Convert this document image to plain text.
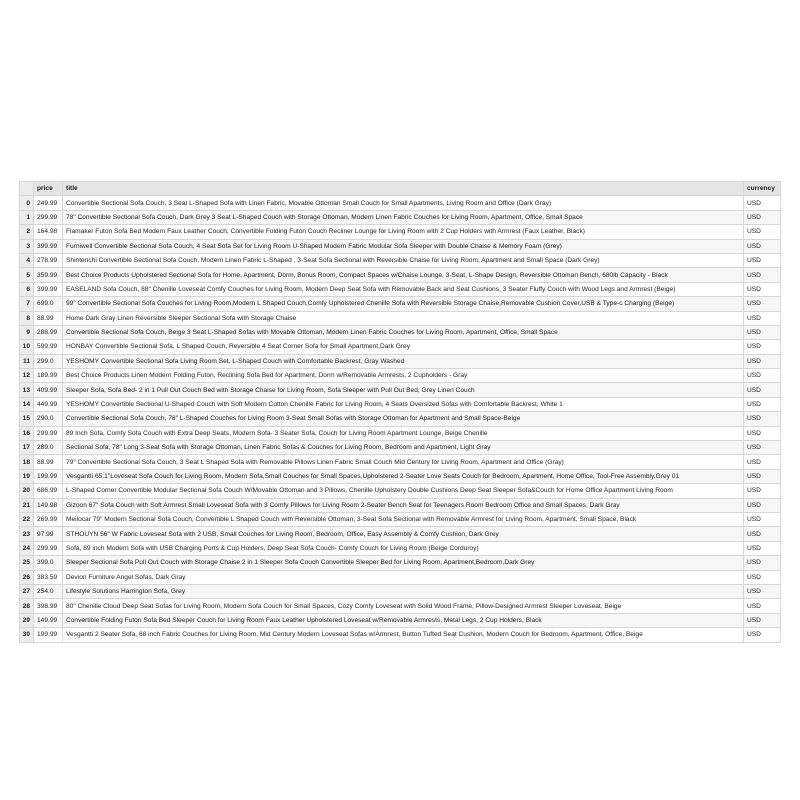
	price	title	currency
0	249.99	Convertible Sectional Sofa Couch, 3 Seat L-Shaped Sofa with Linen Fabric, Movable Ottoman Small Couch for Small Apartments, Living Room and Office (Dark Gray)	USD
1	299.99	78" Convertible Sectional Sofa Couch, Dark Grey 3 Seat L-Shaped Couch with Storage Ottoman, Modern Linen Fabric Couches for Living Room, Apartment, Office, Small Space	USD
2	164.98	Flamaker Futon Sofa Bed Modern Faux Leather Couch, Convertible Folding Futon Couch Recliner Lounge for Living Room with 2 Cup Holders with Armrest (Faux Leather, Black)	USD
3	399.99	Furniwell Convertible Sectional Sofa Couch, 4 Seat Sofa Set for Living Room U-Shaped Modern Fabric Modular Sofa Sleeper with Double Chaise & Memory Foam (Grey)	USD
4	278.99	Shintenchi Convertible Sectional Sofa Couch, Modern Linen Fabric L-Shaped , 3-Seat Sofa Sectional with Reversible Chaise for Living Room, Apartment and Small Space (Dark Grey)	USD
5	359.99	Best Choice Products Upholstered Sectional Sofa for Home, Apartment, Dorm, Bonus Room, Compact Spaces w/Chaise Lounge, 3-Seat, L-Shape Design, Reversible Ottoman Bench, 680lb Capacity - Black	USD
6	399.99	EASELAND Sofa Couch, 88" Chenille Loveseat Comfy Couches for Living Room, Modern Deep Seat Sofa with Removable Back and Seat Cushions, 3 Seater Fluffy Couch with Wood Legs and Armrest (Beige)	USD
7	699.0	99" Convertible Sectional Sofa Couches for Living Room,Modern L Shaped Couch,Comfy Upholstered Chenille Sofa with Reversible Storage Chaise,Removable Cushion Cover,USB & Type-c Charging (Beige)	USD
8	88.99	Home Dark Gray Linen Reversible Sleeper Sectional Sofa with Storage Chaise	USD
9	288.99	Convertible Sectional Sofa Couch, Beige 3 Seat L-Shaped Sofas with Movable Ottoman, Modern Linen Fabric Couches for Living Room, Apartment, Office, Small Space	USD
10	599.99	HONBAY Convertible Sectional Sofa, L Shaped Couch, Reversible 4 Seat Corner Sofa for Small Apartment,Dark Grey	USD
11	299.0	YESHOMY Convertible Sectional Sofa Living Room Set, L-Shaped Couch with Comfortable Backrest, Gray Washed	USD
12	189.99	Best Choice Products Linen Modern Folding Futon, Reclining Sofa Bed for Apartment, Dorm w/Removable Armrests, 2 Cupholders - Gray	USD
13	409.99	Sleeper Sofa, Sofa Bed- 2 in 1 Pull Out Couch Bed with Storage Chaise for Living Room, Sofa Sleeper with Pull Out Bed, Grey Linen Couch	USD
14	449.99	YESHOMY Convertible Sectional U-Shaped Couch with Soft Modern Cotton Chenille Fabric for Living Room, 4 Seats Oversized Sofas with Comfortable Backrest, White 1	USD
15	290.0	Convertible Sectional Sofa Couch, 78" L-Shaped Couches for Living Room 3-Seat Small Sofas with Storage Ottoman for Apartment and Small Space-Beige	USD
16	299.99	89 Inch Sofa, Comfy Sofa Couch with Extra Deep Seats, Modern Sofa- 3 Seater Sofa, Couch for Living Room Apartment Lounge, Beige Chenille	USD
17	289.0	Sectional Sofa, 78" Long 3-Seat Sofa with Storage Ottoman, Linen Fabric Sofas & Couches for Living Room, Bedroom and Apartment, Light Gray	USD
18	88.99	79" Convertible Sectional Sofa Couch, 3 Seat L Shaped Sofa with Removable Pillows Linen Fabric Small Couch Mid Century for Living Room, Apartment and Office (Gray)	USD
19	199.99	Vesgantti 65.1''Loveseat Sofa Couch for Living Room, Modern Sofa,Small Couches for Small Spaces,Upholstered 2-Seater Love Seats Couch for Bedroom, Apartment, Home Office, Tool-Free Assembly,Grey 01	USD
20	686.99	L-Shaped Corner Convertible Modular Sectional Sofa Couch W/Movable Ottoman and 3 Pillows, Chenille Upholstery Double Cushions Deep Seat Sleeper Sofa&Couch for Home Office Apartment Living Room	USD
21	149.98	Gizoon 67" Sofa Couch with Soft Armrest Small Loveseat Sofa with 3 Comfy Pillows for Living Room 2-Seater Bench Seat for Teenagers Room Bedroom Office and Small Spaces, Dark Gray	USD
22	269.99	Meilocar 79" Modern Sectional Sofa Couch, Convertible L Shaped Couch with Reversible Ottoman, 3-Seat Sofa Sectional with Removable Armrest for Living Room, Apartment, Small Space, Black	USD
23	97.99	STHOUYN 56" W Fabric Loveseat Sofa with 2 USB, Small Couches for Living Room, Bedroom, Office, Easy Assembly & Comfy Cushion, Dark Grey	USD
24	299.99	Sofa, 89 inch Modern Sofa with USB Charging Ports & Cup Holders, Deep Seat Sofa Couch- Comfy Couch for Living Room (Beige Corduroy)	USD
25	399.0	Sleeper Sectional Sofa Pull Out Couch with Storage Chaise 2 in 1 Sleeper Sofa Couch Convertible Sleeper Bed for Living Room, Apartment,Bedroom,Dark Grey	USD
26	383.59	Devion Furniture Angel Sofas, Dark Gray	USD
27	254.0	Lifestyle Solutions Harrington Sofa, Grey	USD
28	398.99	80" Chenille Cloud Deep Seat Sofas for Living Room, Modern Sofa Couch for Small Spaces, Cozy Comfy Loveseat with Solid Wood Frame, Pillow-Designed Armrest Sleeper Loveseat, Beige	USD
29	149.99	Convertible Folding Futon Sofa Bed Sleeper Couch for Living Room Faux Leather Upholstered Loveseat w/Removable Armrests, Metal Legs, 2 Cup Holders, Black	USD
30	199.99	Vesgantti 2 Seater Sofa, 68 inch Fabric Couches for Living Room, Mid Century Modern Loveseat Sofas w/Armrest, Button Tufted Seat Cushion, Modern Couch for Bedroom, Apartment, Office, Beige	USD
